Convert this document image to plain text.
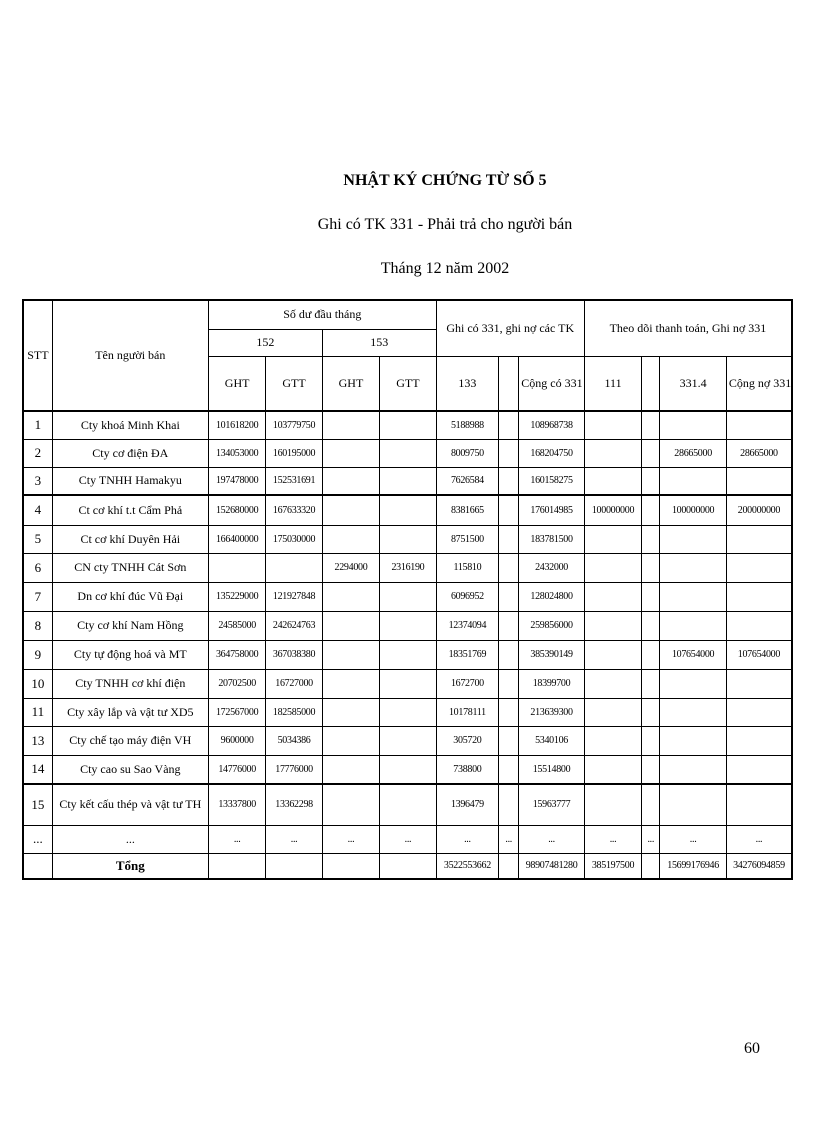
NHẬT KÝ CHỨNG TỪ SỐ 5
Ghi có TK 331 - Phải trả cho người bán
Tháng 12 năm 2002
STT	Tên người bán	Số dư đầu tháng				Ghi có 331, ghi nợ các TK			Theo dõi thanh toán, Ghi nợ 331			
		152		153								
		GHT	GTT	GHT	GTT	133		Cộng có 331	111		331.4	Cộng nợ 331
1	Cty khoá Minh Khai	101618200	103779750			5188988		108968738				
2	Cty cơ điện ĐA	134053000	160195000			8009750		168204750			28665000	28665000
3	Cty TNHH Hamakyu	197478000	152531691			7626584		160158275				
4	Ct cơ khí t.t Cẩm Phả	152680000	167633320			8381665		176014985	100000000		100000000	200000000
5	Ct cơ khí Duyên Hải	166400000	175030000			8751500		183781500				
6	CN cty TNHH Cát Sơn			2294000	2316190	115810		2432000				
7	Dn cơ khí đúc Vũ Đại	135229000	121927848			6096952		128024800				
8	Cty cơ khí Nam Hồng	24585000	242624763			12374094		259856000				
9	Cty tự động hoá và MT	364758000	367038380			18351769		385390149			107654000	107654000
10	Cty TNHH cơ khí điện	20702500	16727000			1672700		18399700				
11	Cty xây lắp và vật tư XD5	172567000	182585000			10178111		213639300				
13	Cty chế tạo máy điện VH	9600000	5034386			305720		5340106				
14	Cty cao su Sao Vàng	14776000	17776000			738800		15514800				
15	Cty kết cấu thép và vật tư TH	13337800	13362298			1396479		15963777				
...	...	...	...	...	...	...	...	...	...	...	...	...
	Tổng					3522553662		98907481280	385197500		15699176946	34276094859
60
